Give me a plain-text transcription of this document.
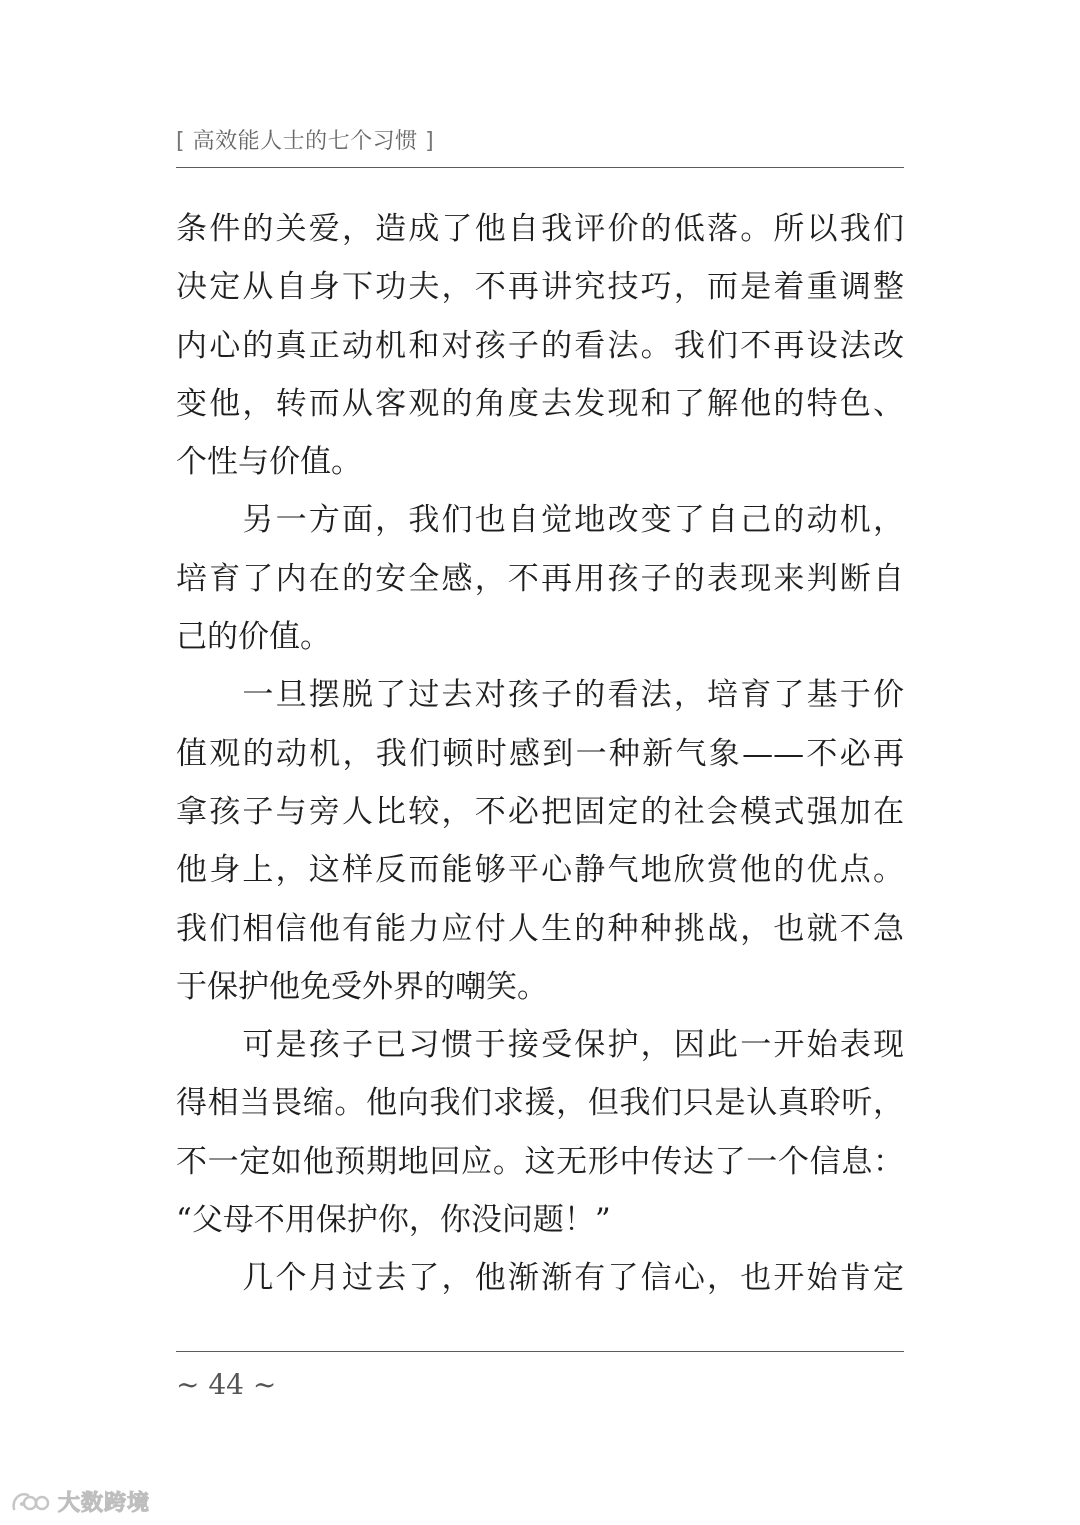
[ 高效能人士的七个习惯 ]
条件的关爱，造成了他自我评价的低落。所以我们
决定从自身下功夫，不再讲究技巧，而是着重调整
内心的真正动机和对孩子的看法。我们不再设法改
变他，转而从客观的角度去发现和了解他的特色、
个性与价值。
　　另一方面，我们也自觉地改变了自己的动机，
培育了内在的安全感，不再用孩子的表现来判断自
己的价值。
　　一旦摆脱了过去对孩子的看法，培育了基于价
值观的动机，我们顿时感到一种新气象——不必再
拿孩子与旁人比较，不必把固定的社会模式强加在
他身上，这样反而能够平心静气地欣赏他的优点。
我们相信他有能力应付人生的种种挑战，也就不急
于保护他免受外界的嘲笑。
　　可是孩子已习惯于接受保护，因此一开始表现
得相当畏缩。他向我们求援，但我们只是认真聆听，
不一定如他预期地回应。这无形中传达了一个信息：
“父母不用保护你，你没问题！”
　　几个月过去了，他渐渐有了信心，也开始肯定
~ 44 ~
大数跨境
